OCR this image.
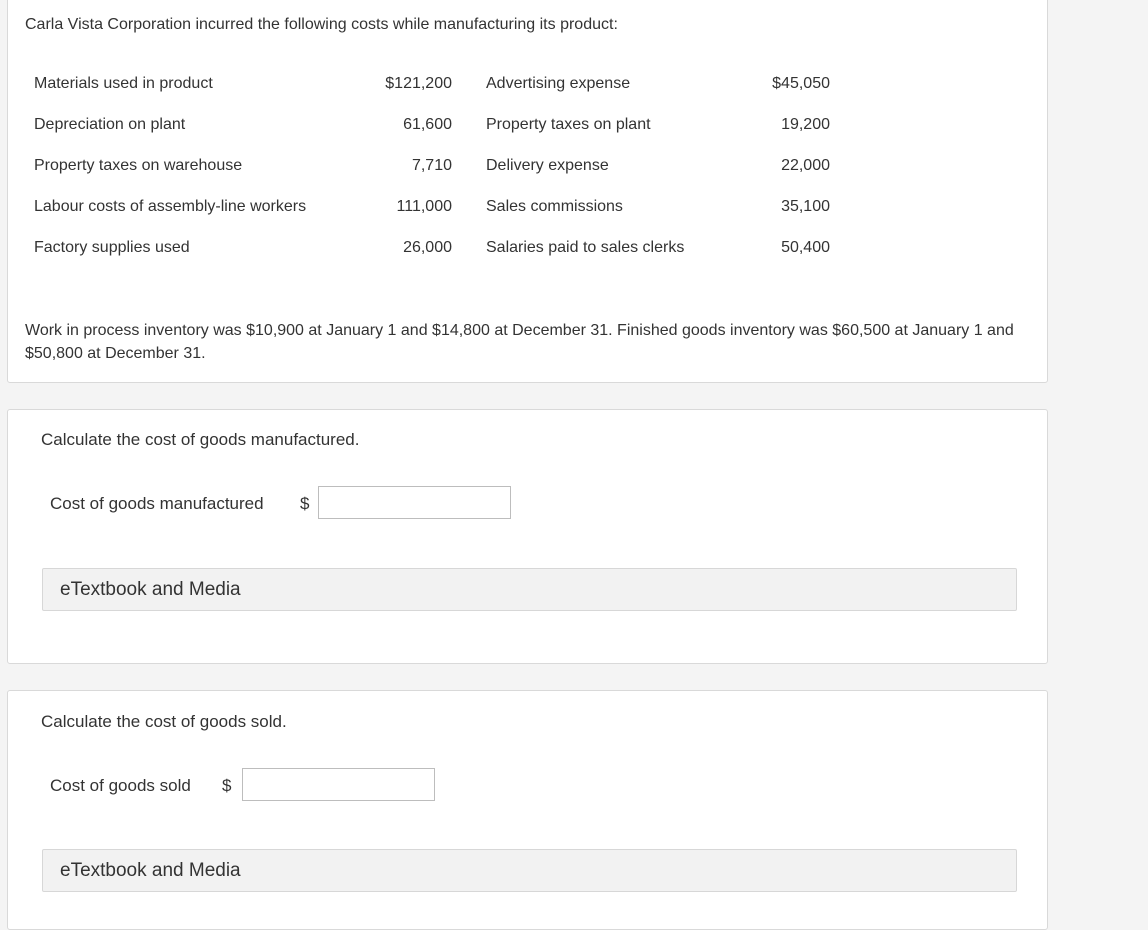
Carla Vista Corporation incurred the following costs while manufacturing its product:
Materials used in product	$121,200	Advertising expense	$45,050
Depreciation on plant	61,600	Property taxes on plant	19,200
Property taxes on warehouse	7,710	Delivery expense	22,000
Labour costs of assembly-line workers	111,000	Sales commissions	35,100
Factory supplies used	26,000	Salaries paid to sales clerks	50,400
Work in process inventory was $10,900 at January 1 and $14,800 at December 31. Finished goods inventory was $60,500 at January 1 and $50,800 at December 31.
Calculate the cost of goods manufactured.
Cost of goods manufactured $
eTextbook and Media
Calculate the cost of goods sold.
Cost of goods sold $
eTextbook and Media
